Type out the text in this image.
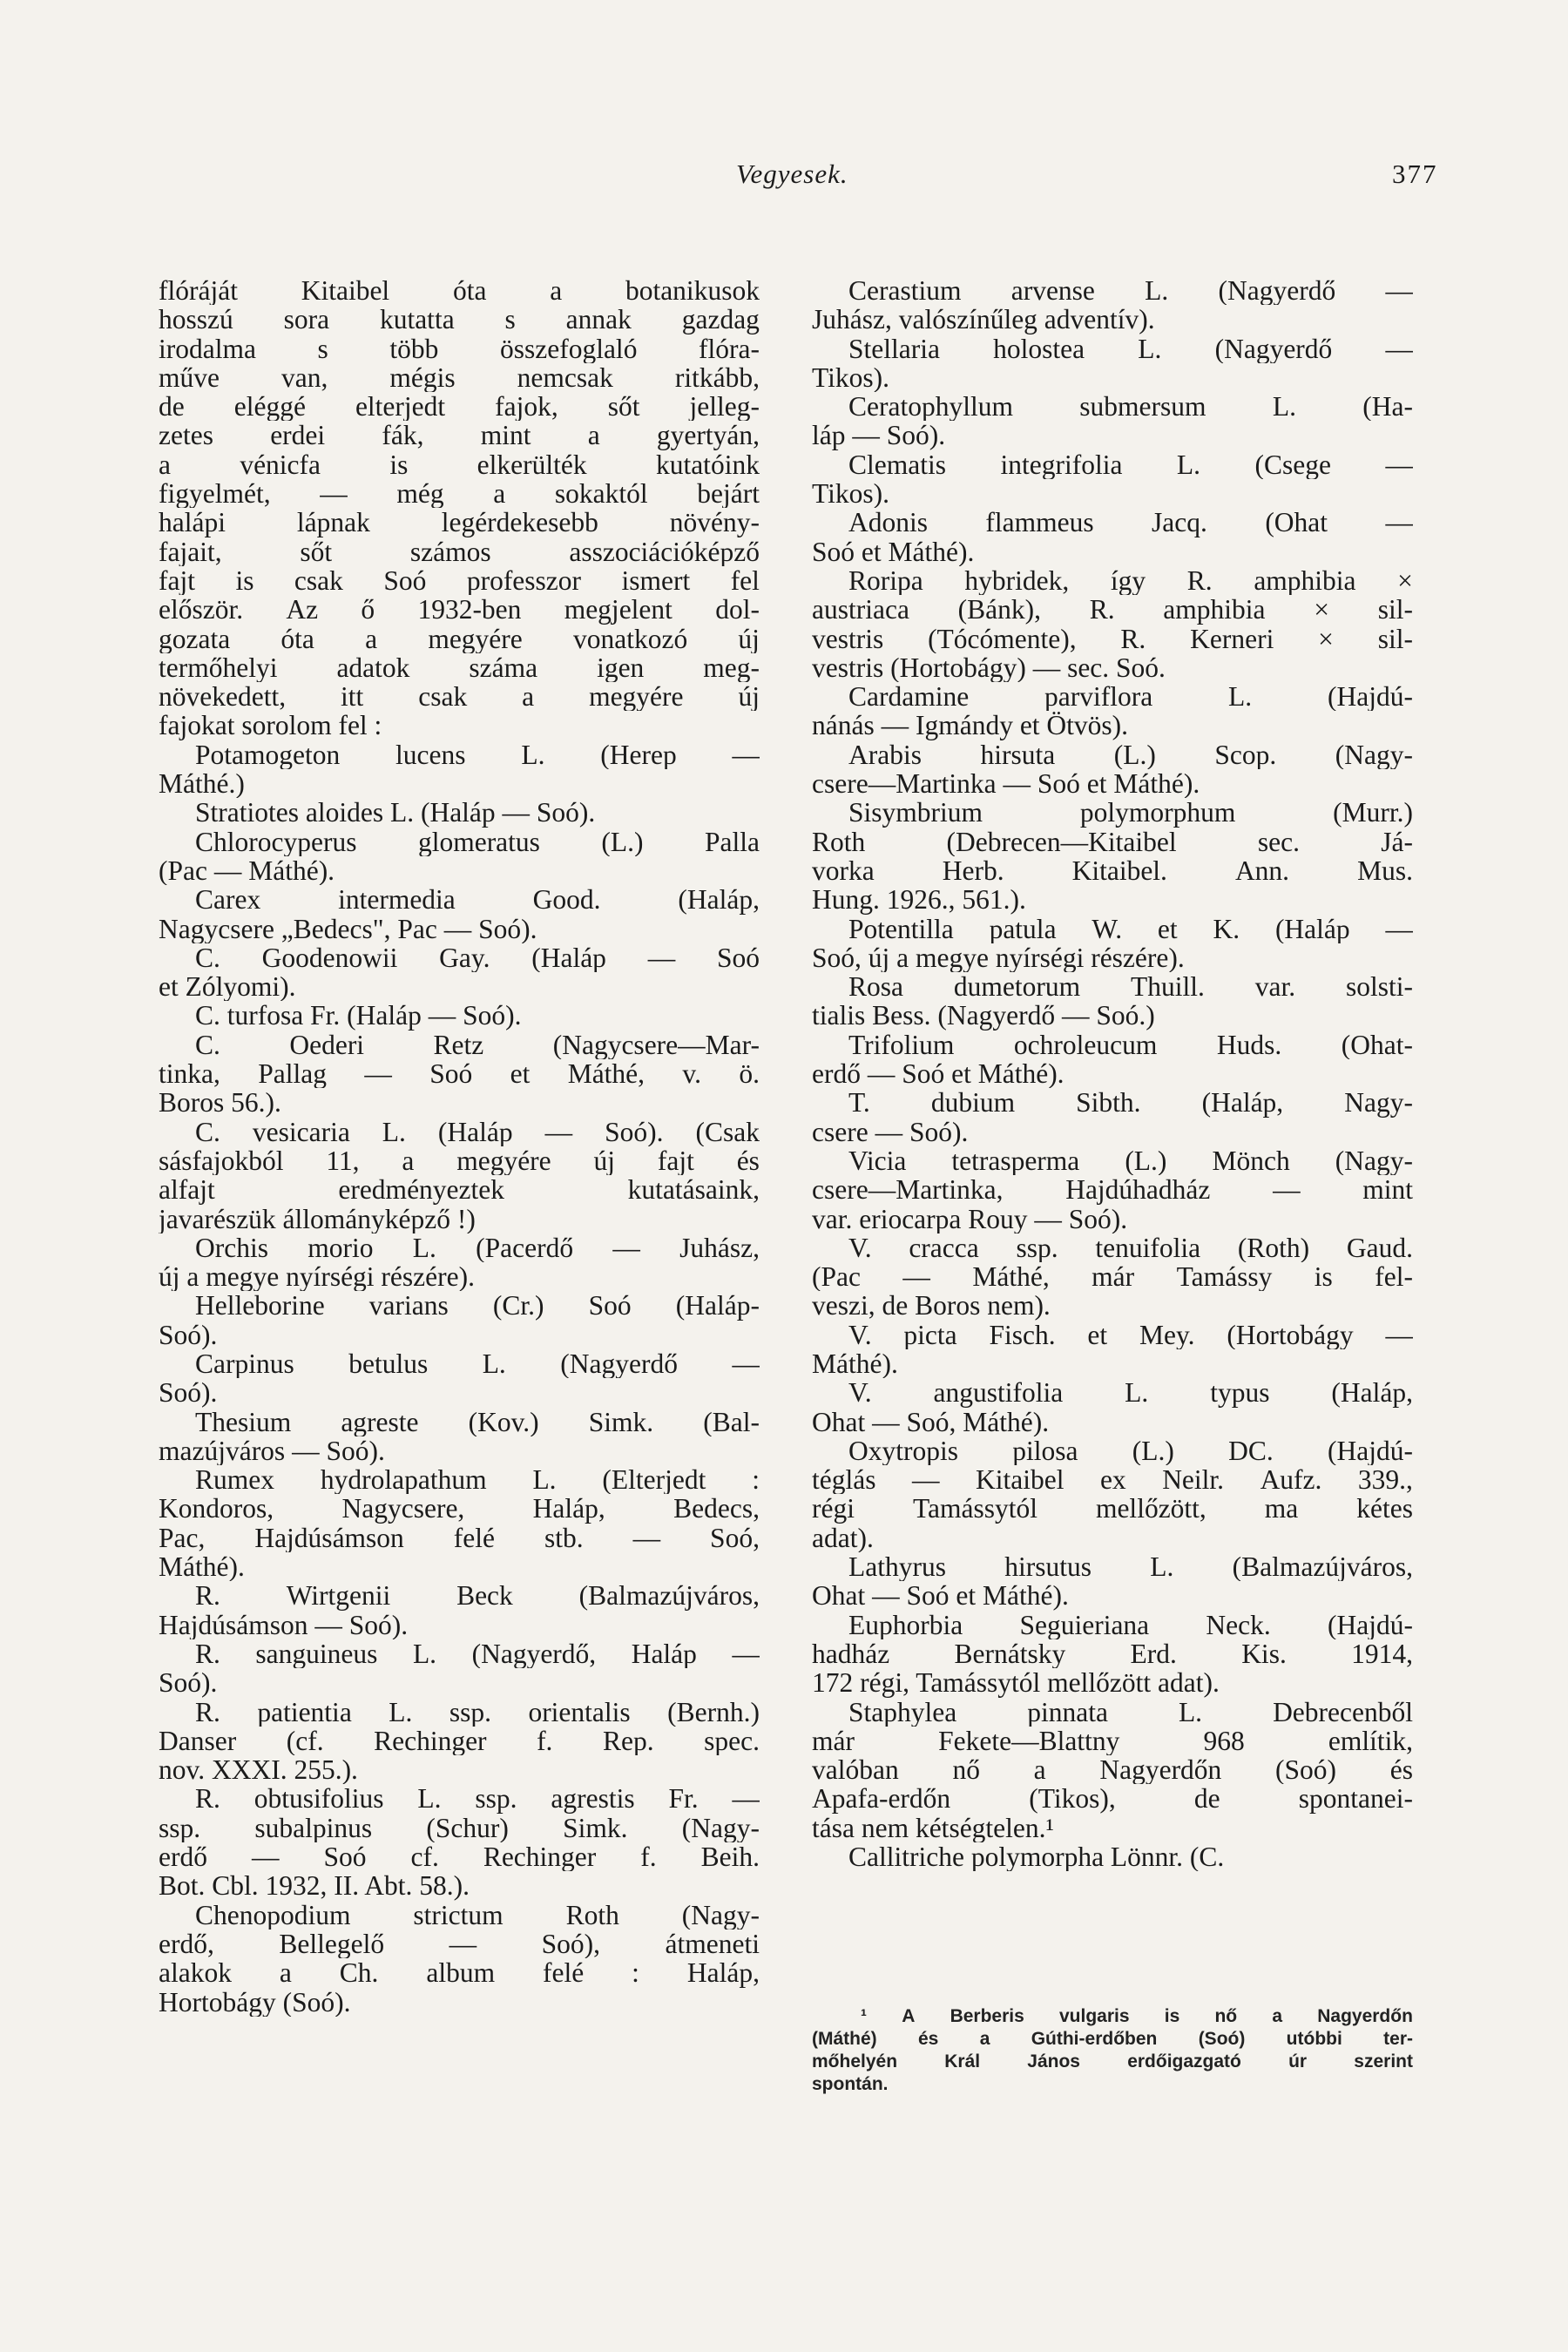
Vegyesek.	377
flóráját Kitaibel óta a botanikusok
hosszú sora kutatta s annak gazdag
irodalma s több összefoglaló flóra-
műve van, mégis nemcsak ritkább,
de eléggé elterjedt fajok, sőt jelleg-
zetes erdei fák, mint a gyertyán,
a	vénicfa	is	elkerülték	kutatóink
figyelmét, — még a sokaktól bejárt
halápi	lápnak	legérdekesebb	növény-
fajait,	sőt	számos	asszociációképző
fajt is csak Soó professzor ismert fel
először. Az ő 1932-ben megjelent dol-
gozata óta a megyére vonatkozó új
termőhelyi adatok száma igen meg-
növekedett, itt csak a megyére új
fajokat sorolom fel :
Potamogeton lucens L. (Herep —
Máthé.)
Stratiotes aloides L. (Haláp — Soó).
Chlorocyperus glomeratus (L.) Palla
(Pac — Máthé).
Carex	intermedia	Good.	(Haláp,
Nagycsere „Bedecs", Pac — Soó).
C. Goodenowii Gay. (Haláp — Soó
et Zólyomi).
C. turfosa Fr. (Haláp — Soó).
C.	Oederi	Retz	(Nagycsere—Mar-
tinka, Pallag — Soó et Máthé, v. ö.
Boros 56.).
C. vesicaria L. (Haláp — Soó). (Csak
sásfajokból 11, a megyére új fajt és
alfajt	eredményeztek	kutatásaink,
javarészük állományképző !)
Orchis morio L. (Pacerdő — Juhász,
új a megye nyírségi részére).
Helleborine varians (Cr.) Soó (Haláp-
Soó).
Carpinus betulus L. (Nagyerdő —
Soó).
Thesium agreste (Kov.) Simk. (Bal-
mazújváros — Soó).
Rumex hydrolapathum L. (Elterjedt :
Kondoros, Nagycsere, Haláp, Bedecs,
Pac, Hajdúsámson felé stb. — Soó,
Máthé).
R. Wirtgenii Beck (Balmazújváros,
Hajdúsámson — Soó).
R. sanguineus L. (Nagyerdő, Haláp —
Soó).
R. patientia L. ssp. orientalis (Bernh.)
Danser (cf. Rechinger f. Rep. spec.
nov. XXXI. 255.).
R. obtusifolius L. ssp. agrestis Fr. —
ssp. subalpinus (Schur) Simk. (Nagy-
erdő — Soó cf. Rechinger f. Beih.
Bot. Cbl. 1932, II. Abt. 58.).
Chenopodium strictum Roth (Nagy-
erdő, Bellegelő — Soó), átmeneti
alakok a Ch. album felé : Haláp,
Hortobágy (Soó).
Cerastium arvense L. (Nagyerdő —
Juhász, valószínűleg adventív).
Stellaria holostea L. (Nagyerdő —
Tikos).
Ceratophyllum submersum L. (Ha-
láp — Soó).
Clematis integrifolia L. (Csege —
Tikos).
Adonis flammeus Jacq. (Ohat —
Soó et Máthé).
Roripa hybridek, így R. amphibia ×
austriaca (Bánk), R. amphibia × sil-
vestris (Tócómente), R. Kerneri × sil-
vestris (Hortobágy) — sec. Soó.
Cardamine	parviflora	L.	(Hajdú-
nánás — Igmándy et Ötvös).
Arabis hirsuta (L.) Scop. (Nagy-
csere—Martinka — Soó et Máthé).
Sisymbrium	polymorphum	(Murr.)
Roth	(Debrecen—Kitaibel	sec.	Já-
vorka Herb. Kitaibel. Ann. Mus.
Hung. 1926., 561.).
Potentilla patula W. et K. (Haláp —
Soó, új a megye nyírségi részére).
Rosa dumetorum Thuill. var. solsti-
tialis Bess. (Nagyerdő — Soó.)
Trifolium ochroleucum Huds. (Ohat-
erdő — Soó et Máthé).
T. dubium Sibth. (Haláp, Nagy-
csere — Soó).
Vicia tetrasperma (L.) Mönch (Nagy-
csere—Martinka, Hajdúhadház — mint
var. eriocarpa Rouy — Soó).
V. cracca ssp. tenuifolia (Roth) Gaud.
(Pac — Máthé, már Tamássy is fel-
veszi, de Boros nem).
V. picta Fisch. et Mey. (Hortobágy —
Máthé).
V. angustifolia L. typus (Haláp,
Ohat — Soó, Máthé).
Oxytropis pilosa (L.) DC. (Hajdú-
téglás — Kitaibel ex Neilr. Aufz. 339.,
régi Tamássytól mellőzött, ma kétes
adat).
Lathyrus hirsutus L. (Balmazújváros,
Ohat — Soó et Máthé).
Euphorbia Seguieriana Neck. (Hajdú-
hadház Bernátsky Erd. Kis. 1914,
172 régi, Tamássytól mellőzött adat).
Staphylea	pinnata	L.	Debrecenből
már	Fekete—Blattny	968	említik,
valóban nő a Nagyerdőn (Soó) és
Apafa-erdőn	(Tikos),	de	spontanei-
tása nem kétségtelen.¹
Callitriche polymorpha Lönnr. (C.
¹ A Berberis vulgaris is nő a Nagyerdőn
(Máthé) és a Gúthi-erdőben (Soó) utóbbi ter-
mőhelyén	Král	János	erdőigazgató	úr	szerint
spontán.
